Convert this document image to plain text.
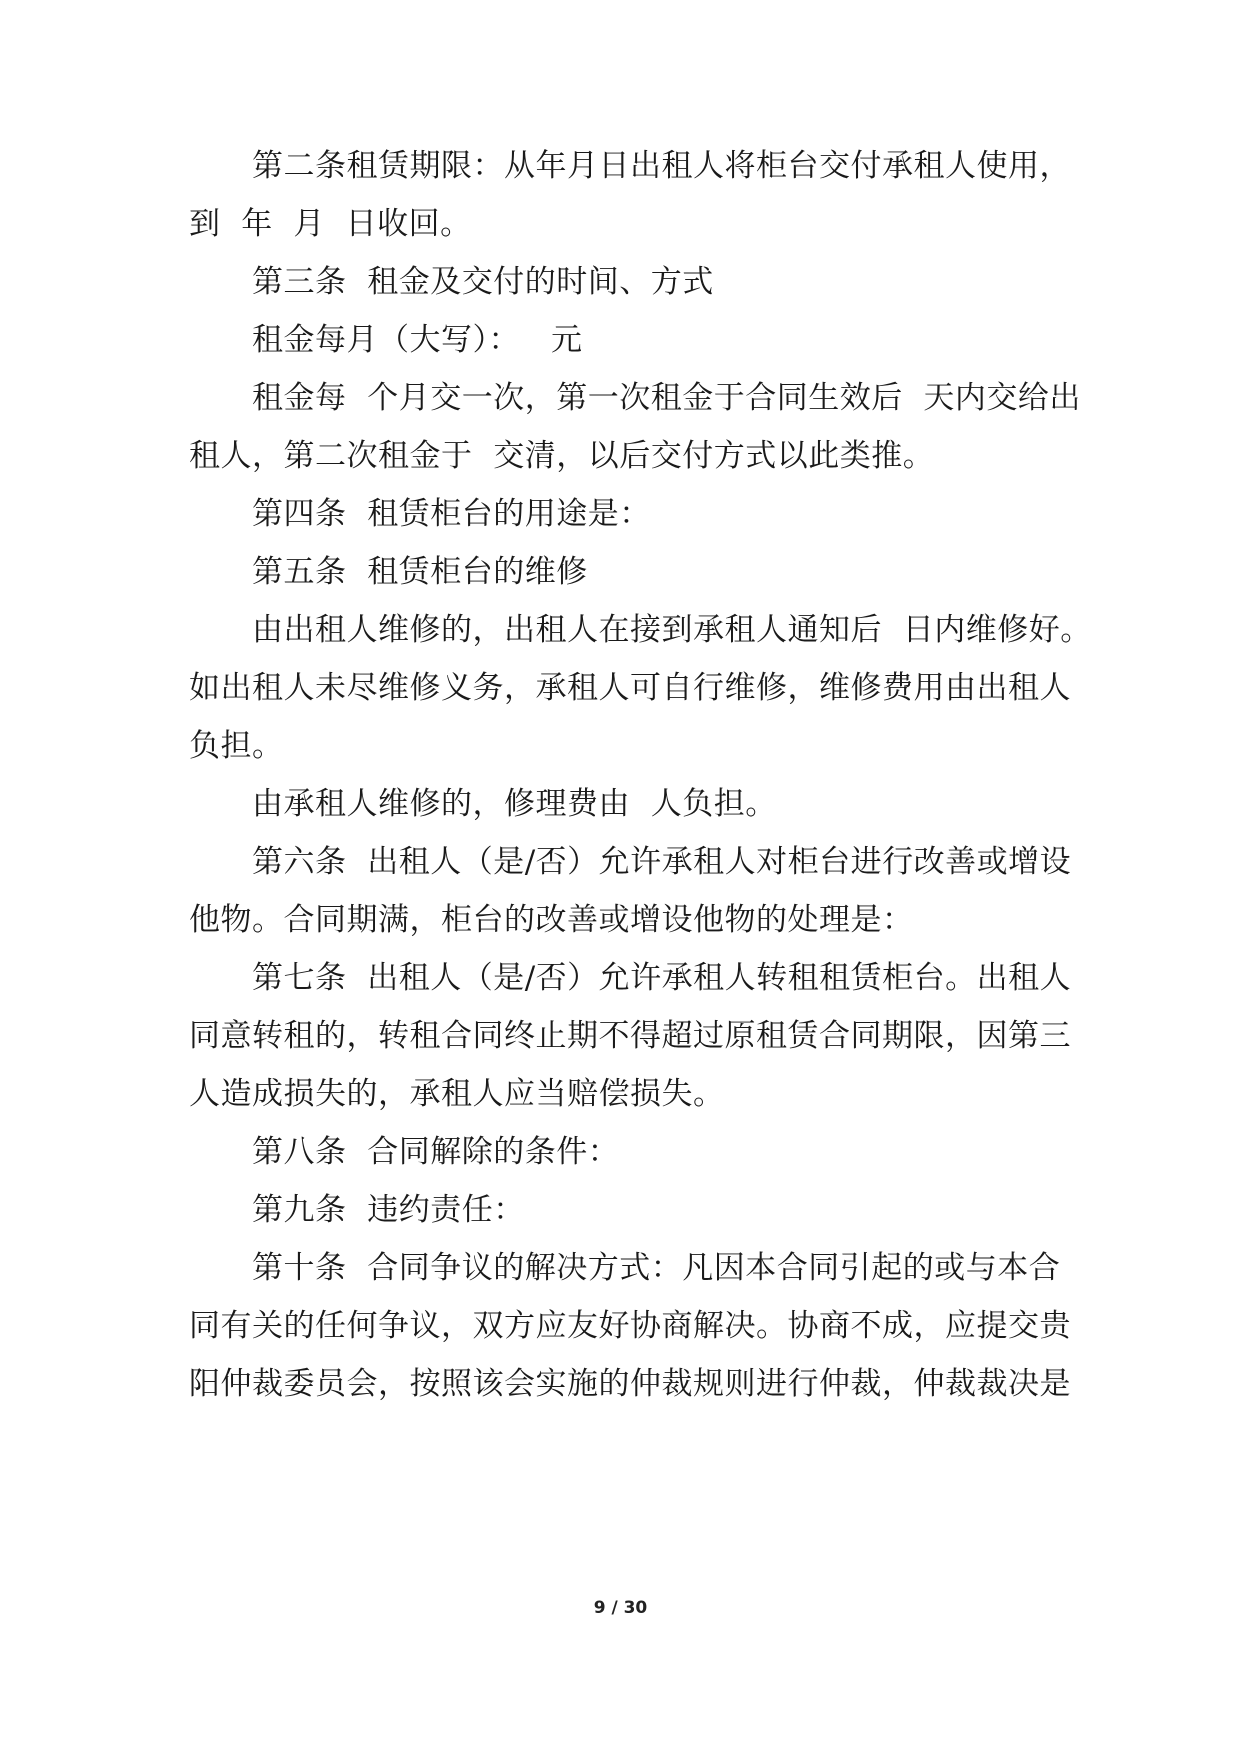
第二条租赁期限：从年月日出租人将柜台交付承租人使用，
到  年  月  日收回。
第三条  租金及交付的时间、方式
租金每月（大写）：   元
租金每  个月交一次，第一次租金于合同生效后  天内交给出
租人，第二次租金于  交清，以后交付方式以此类推。
第四条  租赁柜台的用途是：
第五条  租赁柜台的维修
由出租人维修的，出租人在接到承租人通知后  日内维修好。
如出租人未尽维修义务，承租人可自行维修，维修费用由出租人
负担。
由承租人维修的，修理费由  人负担。
第六条  出租人（是/否）允许承租人对柜台进行改善或增设
他物。合同期满，柜台的改善或增设他物的处理是：
第七条  出租人（是/否）允许承租人转租租赁柜台。出租人
同意转租的，转租合同终止期不得超过原租赁合同期限，因第三
人造成损失的，承租人应当赔偿损失。
第八条  合同解除的条件：
第九条  违约责任：
第十条  合同争议的解决方式：凡因本合同引起的或与本合
同有关的任何争议，双方应友好协商解决。协商不成，应提交贵
阳仲裁委员会，按照该会实施的仲裁规则进行仲裁，仲裁裁决是
9 / 30
